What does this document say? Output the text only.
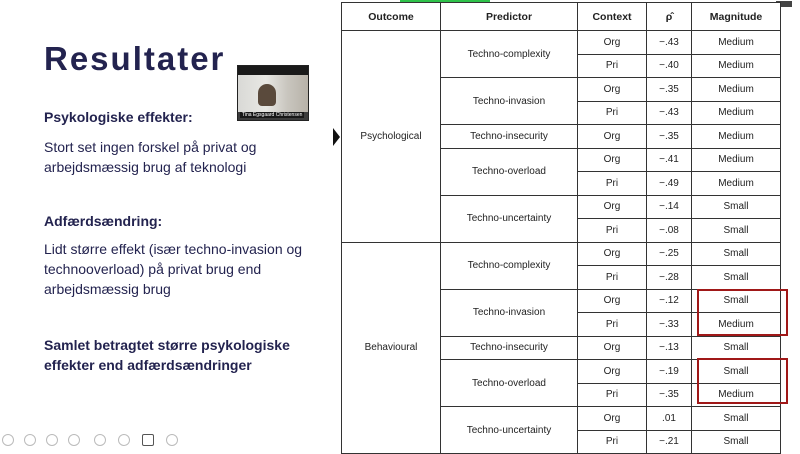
Resultater
Psykologiske effekter:
Stort set ingen forskel på privat og
arbejdsmæssig brug af teknologi
Adfærdsændring:
Lidt større effekt (især techno-invasion og
technooverload) på privat brug end
arbejdsmæssig brug
Samlet betragtet større psykologiske
effekter end adfærdsændringer
Tina Egsgaard Christensen
Outcome	Predictor	Context	ρ̂	Magnitude
Psychological	Techno-complexity	Org	−.43	Medium
		Pri	−.40	Medium
	Techno-invasion	Org	−.35	Medium
		Pri	−.43	Medium
	Techno-insecurity	Org	−.35	Medium
	Techno-overload	Org	−.41	Medium
		Pri	−.49	Medium
	Techno-uncertainty	Org	−.14	Small
		Pri	−.08	Small
Behavioural	Techno-complexity	Org	−.25	Small
		Pri	−.28	Small
	Techno-invasion	Org	−.12	Small
		Pri	−.33	Medium
	Techno-insecurity	Org	−.13	Small
	Techno-overload	Org	−.19	Small
		Pri	−.35	Medium
	Techno-uncertainty	Org	.01	Small
		Pri	−.21	Small
